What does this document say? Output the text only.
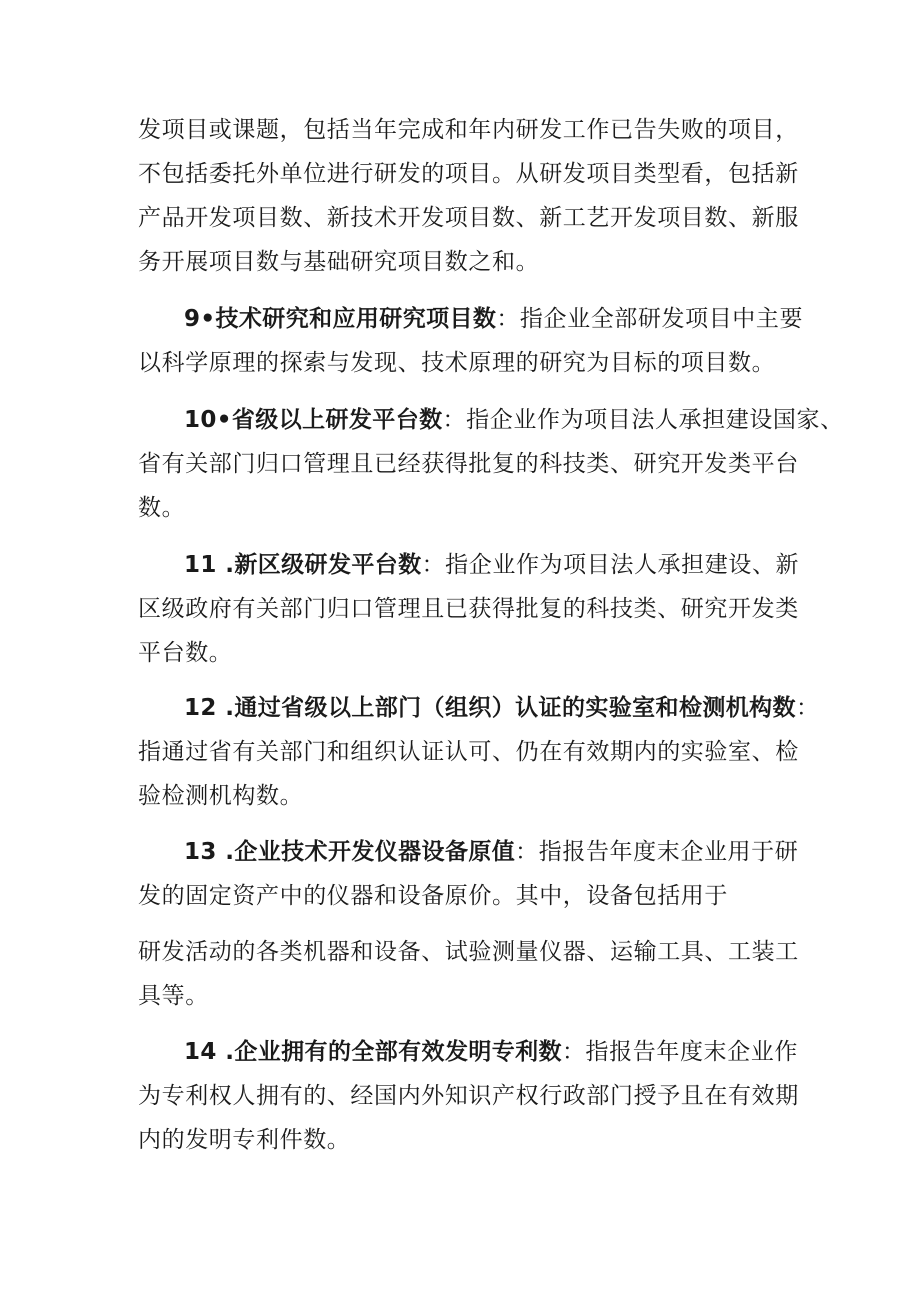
发项目或课题，包括当年完成和年内研发工作已告失败的项目，
不包括委托外单位进行研发的项目。从研发项目类型看，包括新
产品开发项目数、新技术开发项目数、新工艺开发项目数、新服
务开展项目数与基础研究项目数之和。
9•技术研究和应用研究项目数：指企业全部研发项目中主要
以科学原理的探索与发现、技术原理的研究为目标的项目数。
10•省级以上研发平台数：指企业作为项目法人承担建设国家、
省有关部门归口管理且已经获得批复的科技类、研究开发类平台
数。
11 .新区级研发平台数：指企业作为项目法人承担建设、新
区级政府有关部门归口管理且已获得批复的科技类、研究开发类
平台数。
12 .通过省级以上部门（组织）认证的实验室和检测机构数：
指通过省有关部门和组织认证认可、仍在有效期内的实验室、检
验检测机构数。
13 .企业技术开发仪器设备原值：指报告年度末企业用于研
发的固定资产中的仪器和设备原价。其中，设备包括用于
研发活动的各类机器和设备、试验测量仪器、运输工具、工装工
具等。
14 .企业拥有的全部有效发明专利数：指报告年度末企业作
为专利权人拥有的、经国内外知识产权行政部门授予且在有效期
内的发明专利件数。
